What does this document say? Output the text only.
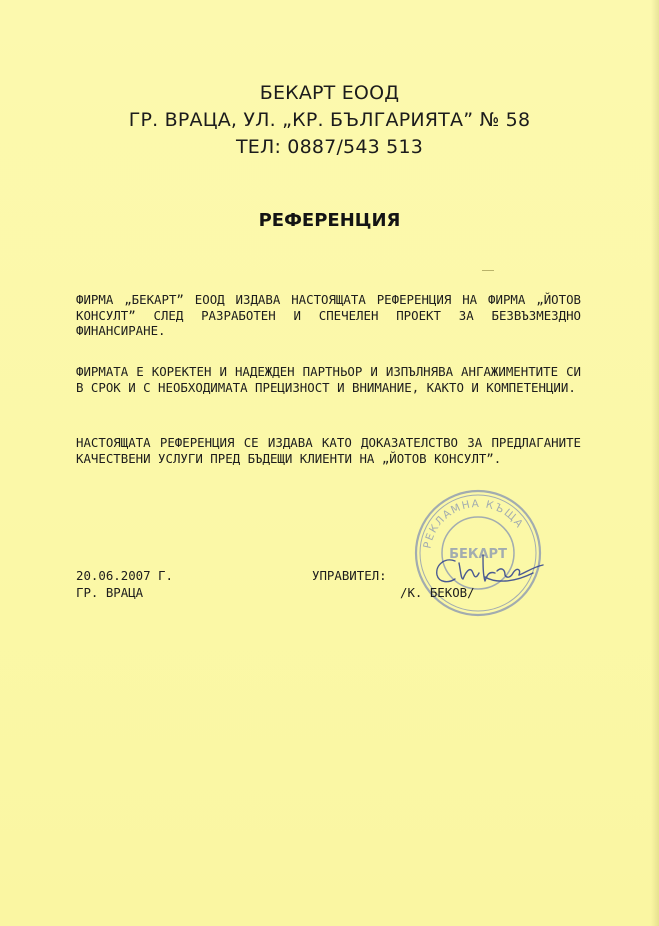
БЕКАРТ ЕООД
ГР. ВРАЦА, УЛ. „КР. БЪЛГАРИЯТА” № 58
ТЕЛ: 0887/543 513
РЕФЕРЕНЦИЯ
ФИРМА „БЕКАРТ” ЕООД ИЗДАВА НАСТОЯЩАТА РЕФЕРЕНЦИЯ НА ФИРМА „ЙОТОВ КОНСУЛТ” СЛЕД РАЗРАБОТЕН И СПЕЧЕЛЕН ПРОЕКТ ЗА БЕЗВЪЗМЕЗДНО ФИНАНСИРАНЕ.
ФИРМАТА Е КОРЕКТЕН И НАДЕЖДЕН ПАРТНЬОР И ИЗПЪЛНЯВА АНГАЖИМЕНТИТЕ СИ В СРОК И С НЕОБХОДИМАТА ПРЕЦИЗНОСТ И ВНИМАНИЕ, КАКТО И КОМПЕТЕНЦИИ.
НАСТОЯЩАТА РЕФЕРЕНЦИЯ СЕ ИЗДАВА КАТО ДОКАЗАТЕЛСТВО ЗА ПРЕДЛАГАНИТЕ КАЧЕСТВЕНИ УСЛУГИ ПРЕД БЪДЕЩИ КЛИЕНТИ НА „ЙОТОВ КОНСУЛТ”.
РЕКЛАМНА КЪЩА
БЕКАРТ
20.06.2007 Г.
ГР. ВРАЦА
УПРАВИТЕЛ:
/К. БЕКОВ/
